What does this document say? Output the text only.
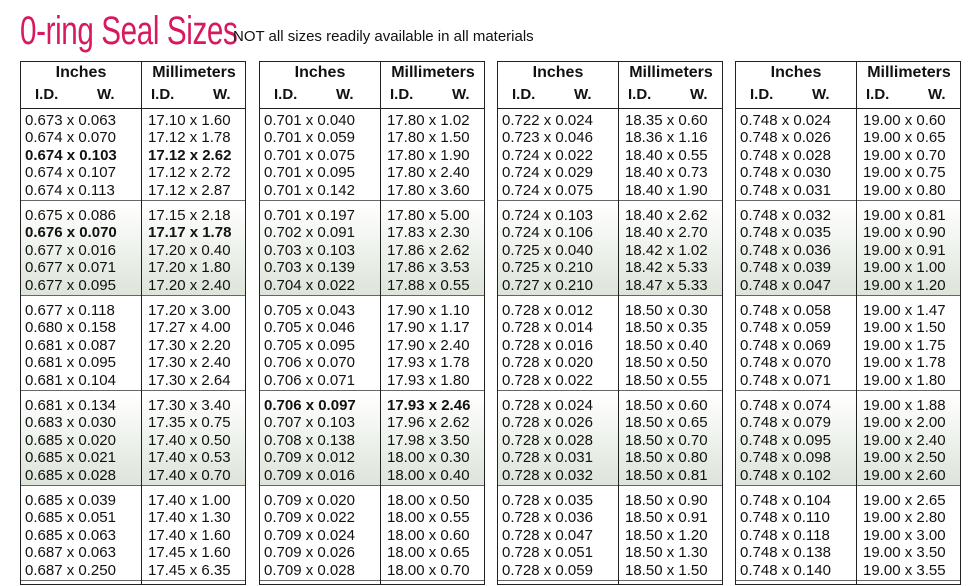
0-ring Seal Sizes
NOT all sizes readily available in all materials
Inches	Millimeters
I.D.	W. I.D.	W.
0.673 x 0.063 17.10 x 1.60
0.674 x 0.070 17.12 x 1.78
0.674 x 0.103 17.12 x 2.62
0.674 x 0.107 17.12 x 2.72
0.674 x 0.113 17.12 x 2.87
0.675 x 0.086 17.15 x 2.18
0.676 x 0.070 17.17 x 1.78
0.677 x 0.016 17.20 x 0.40
0.677 x 0.071 17.20 x 1.80
0.677 x 0.095 17.20 x 2.40
0.677 x 0.118 17.20 x 3.00
0.680 x 0.158 17.27 x 4.00
0.681 x 0.087 17.30 x 2.20
0.681 x 0.095 17.30 x 2.40
0.681 x 0.104 17.30 x 2.64
0.681 x 0.134 17.30 x 3.40
0.683 x 0.030 17.35 x 0.75
0.685 x 0.020 17.40 x 0.50
0.685 x 0.021 17.40 x 0.53
0.685 x 0.028 17.40 x 0.70
0.685 x 0.039 17.40 x 1.00
0.685 x 0.051 17.40 x 1.30
0.685 x 0.063 17.40 x 1.60
0.687 x 0.063 17.45 x 1.60
0.687 x 0.250 17.45 x 6.35
Inches	Millimeters
I.D.	W. I.D.	W.
0.701 x 0.040 17.80 x 1.02
0.701 x 0.059 17.80 x 1.50
0.701 x 0.075 17.80 x 1.90
0.701 x 0.095 17.80 x 2.40
0.701 x 0.142 17.80 x 3.60
0.701 x 0.197 17.80 x 5.00
0.702 x 0.091 17.83 x 2.30
0.703 x 0.103 17.86 x 2.62
0.703 x 0.139 17.86 x 3.53
0.704 x 0.022 17.88 x 0.55
0.705 x 0.043 17.90 x 1.10
0.705 x 0.046 17.90 x 1.17
0.705 x 0.095 17.90 x 2.40
0.706 x 0.070 17.93 x 1.78
0.706 x 0.071 17.93 x 1.80
0.706 x 0.097 17.93 x 2.46
0.707 x 0.103 17.96 x 2.62
0.708 x 0.138 17.98 x 3.50
0.709 x 0.012 18.00 x 0.30
0.709 x 0.016 18.00 x 0.40
0.709 x 0.020 18.00 x 0.50
0.709 x 0.022 18.00 x 0.55
0.709 x 0.024 18.00 x 0.60
0.709 x 0.026 18.00 x 0.65
0.709 x 0.028 18.00 x 0.70
Inches	Millimeters
I.D.	W. I.D.	W.
0.722 x 0.024 18.35 x 0.60
0.723 x 0.046 18.36 x 1.16
0.724 x 0.022 18.40 x 0.55
0.724 x 0.029 18.40 x 0.73
0.724 x 0.075 18.40 x 1.90
0.724 x 0.103 18.40 x 2.62
0.724 x 0.106 18.40 x 2.70
0.725 x 0.040 18.42 x 1.02
0.725 x 0.210 18.42 x 5.33
0.727 x 0.210 18.47 x 5.33
0.728 x 0.012 18.50 x 0.30
0.728 x 0.014 18.50 x 0.35
0.728 x 0.016 18.50 x 0.40
0.728 x 0.020 18.50 x 0.50
0.728 x 0.022 18.50 x 0.55
0.728 x 0.024 18.50 x 0.60
0.728 x 0.026 18.50 x 0.65
0.728 x 0.028 18.50 x 0.70
0.728 x 0.031 18.50 x 0.80
0.728 x 0.032 18.50 x 0.81
0.728 x 0.035 18.50 x 0.90
0.728 x 0.036 18.50 x 0.91
0.728 x 0.047 18.50 x 1.20
0.728 x 0.051 18.50 x 1.30
0.728 x 0.059 18.50 x 1.50
Inches	Millimeters
I.D.	W. I.D.	W.
0.748 x 0.024 19.00 x 0.60
0.748 x 0.026 19.00 x 0.65
0.748 x 0.028 19.00 x 0.70
0.748 x 0.030 19.00 x 0.75
0.748 x 0.031 19.00 x 0.80
0.748 x 0.032 19.00 x 0.81
0.748 x 0.035 19.00 x 0.90
0.748 x 0.036 19.00 x 0.91
0.748 x 0.039 19.00 x 1.00
0.748 x 0.047 19.00 x 1.20
0.748 x 0.058 19.00 x 1.47
0.748 x 0.059 19.00 x 1.50
0.748 x 0.069 19.00 x 1.75
0.748 x 0.070 19.00 x 1.78
0.748 x 0.071 19.00 x 1.80
0.748 x 0.074 19.00 x 1.88
0.748 x 0.079 19.00 x 2.00
0.748 x 0.095 19.00 x 2.40
0.748 x 0.098 19.00 x 2.50
0.748 x 0.102 19.00 x 2.60
0.748 x 0.104 19.00 x 2.65
0.748 x 0.110 19.00 x 2.80
0.748 x 0.118 19.00 x 3.00
0.748 x 0.138 19.00 x 3.50
0.748 x 0.140 19.00 x 3.55
